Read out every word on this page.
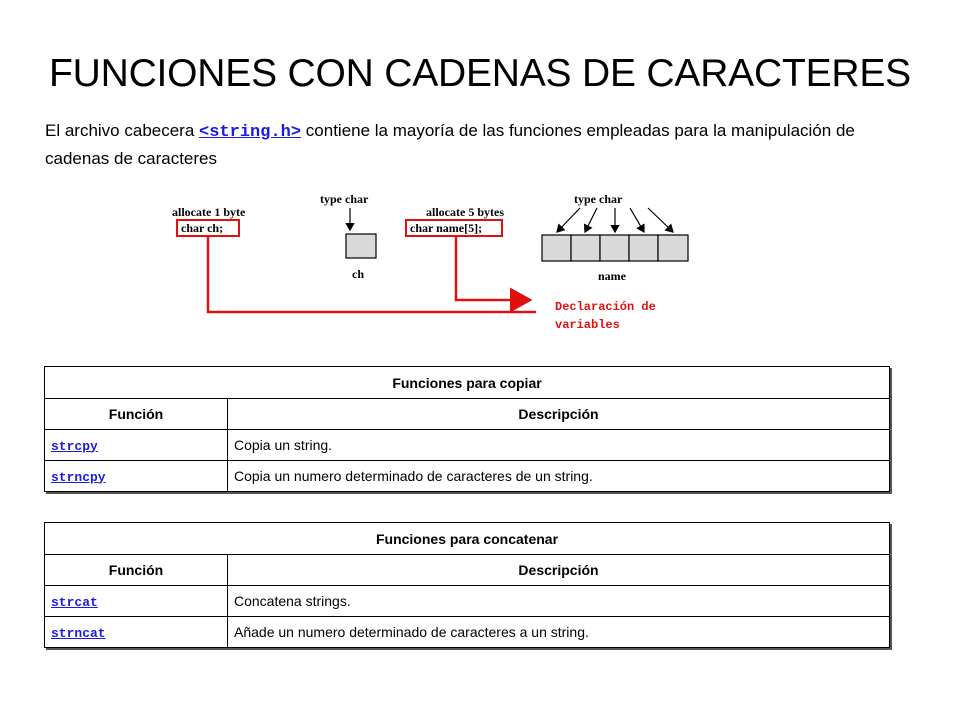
FUNCIONES CON CADENAS DE CARACTERES
El archivo cabecera <string.h> contiene la mayoría de las funciones empleadas para la manipulación de cadenas de caracteres
allocate 1 byte
char ch;
type char
ch
allocate 5 bytes
char name[5];
type char
name
Declaración de
variables
Funciones para copiar	
Función	Descripción
strcpy	Copia un string.
strncpy	Copia un numero determinado de caracteres de un string.
Funciones para concatenar	
Función	Descripción
strcat	Concatena strings.
strncat	Añade un numero determinado de caracteres a un string.
